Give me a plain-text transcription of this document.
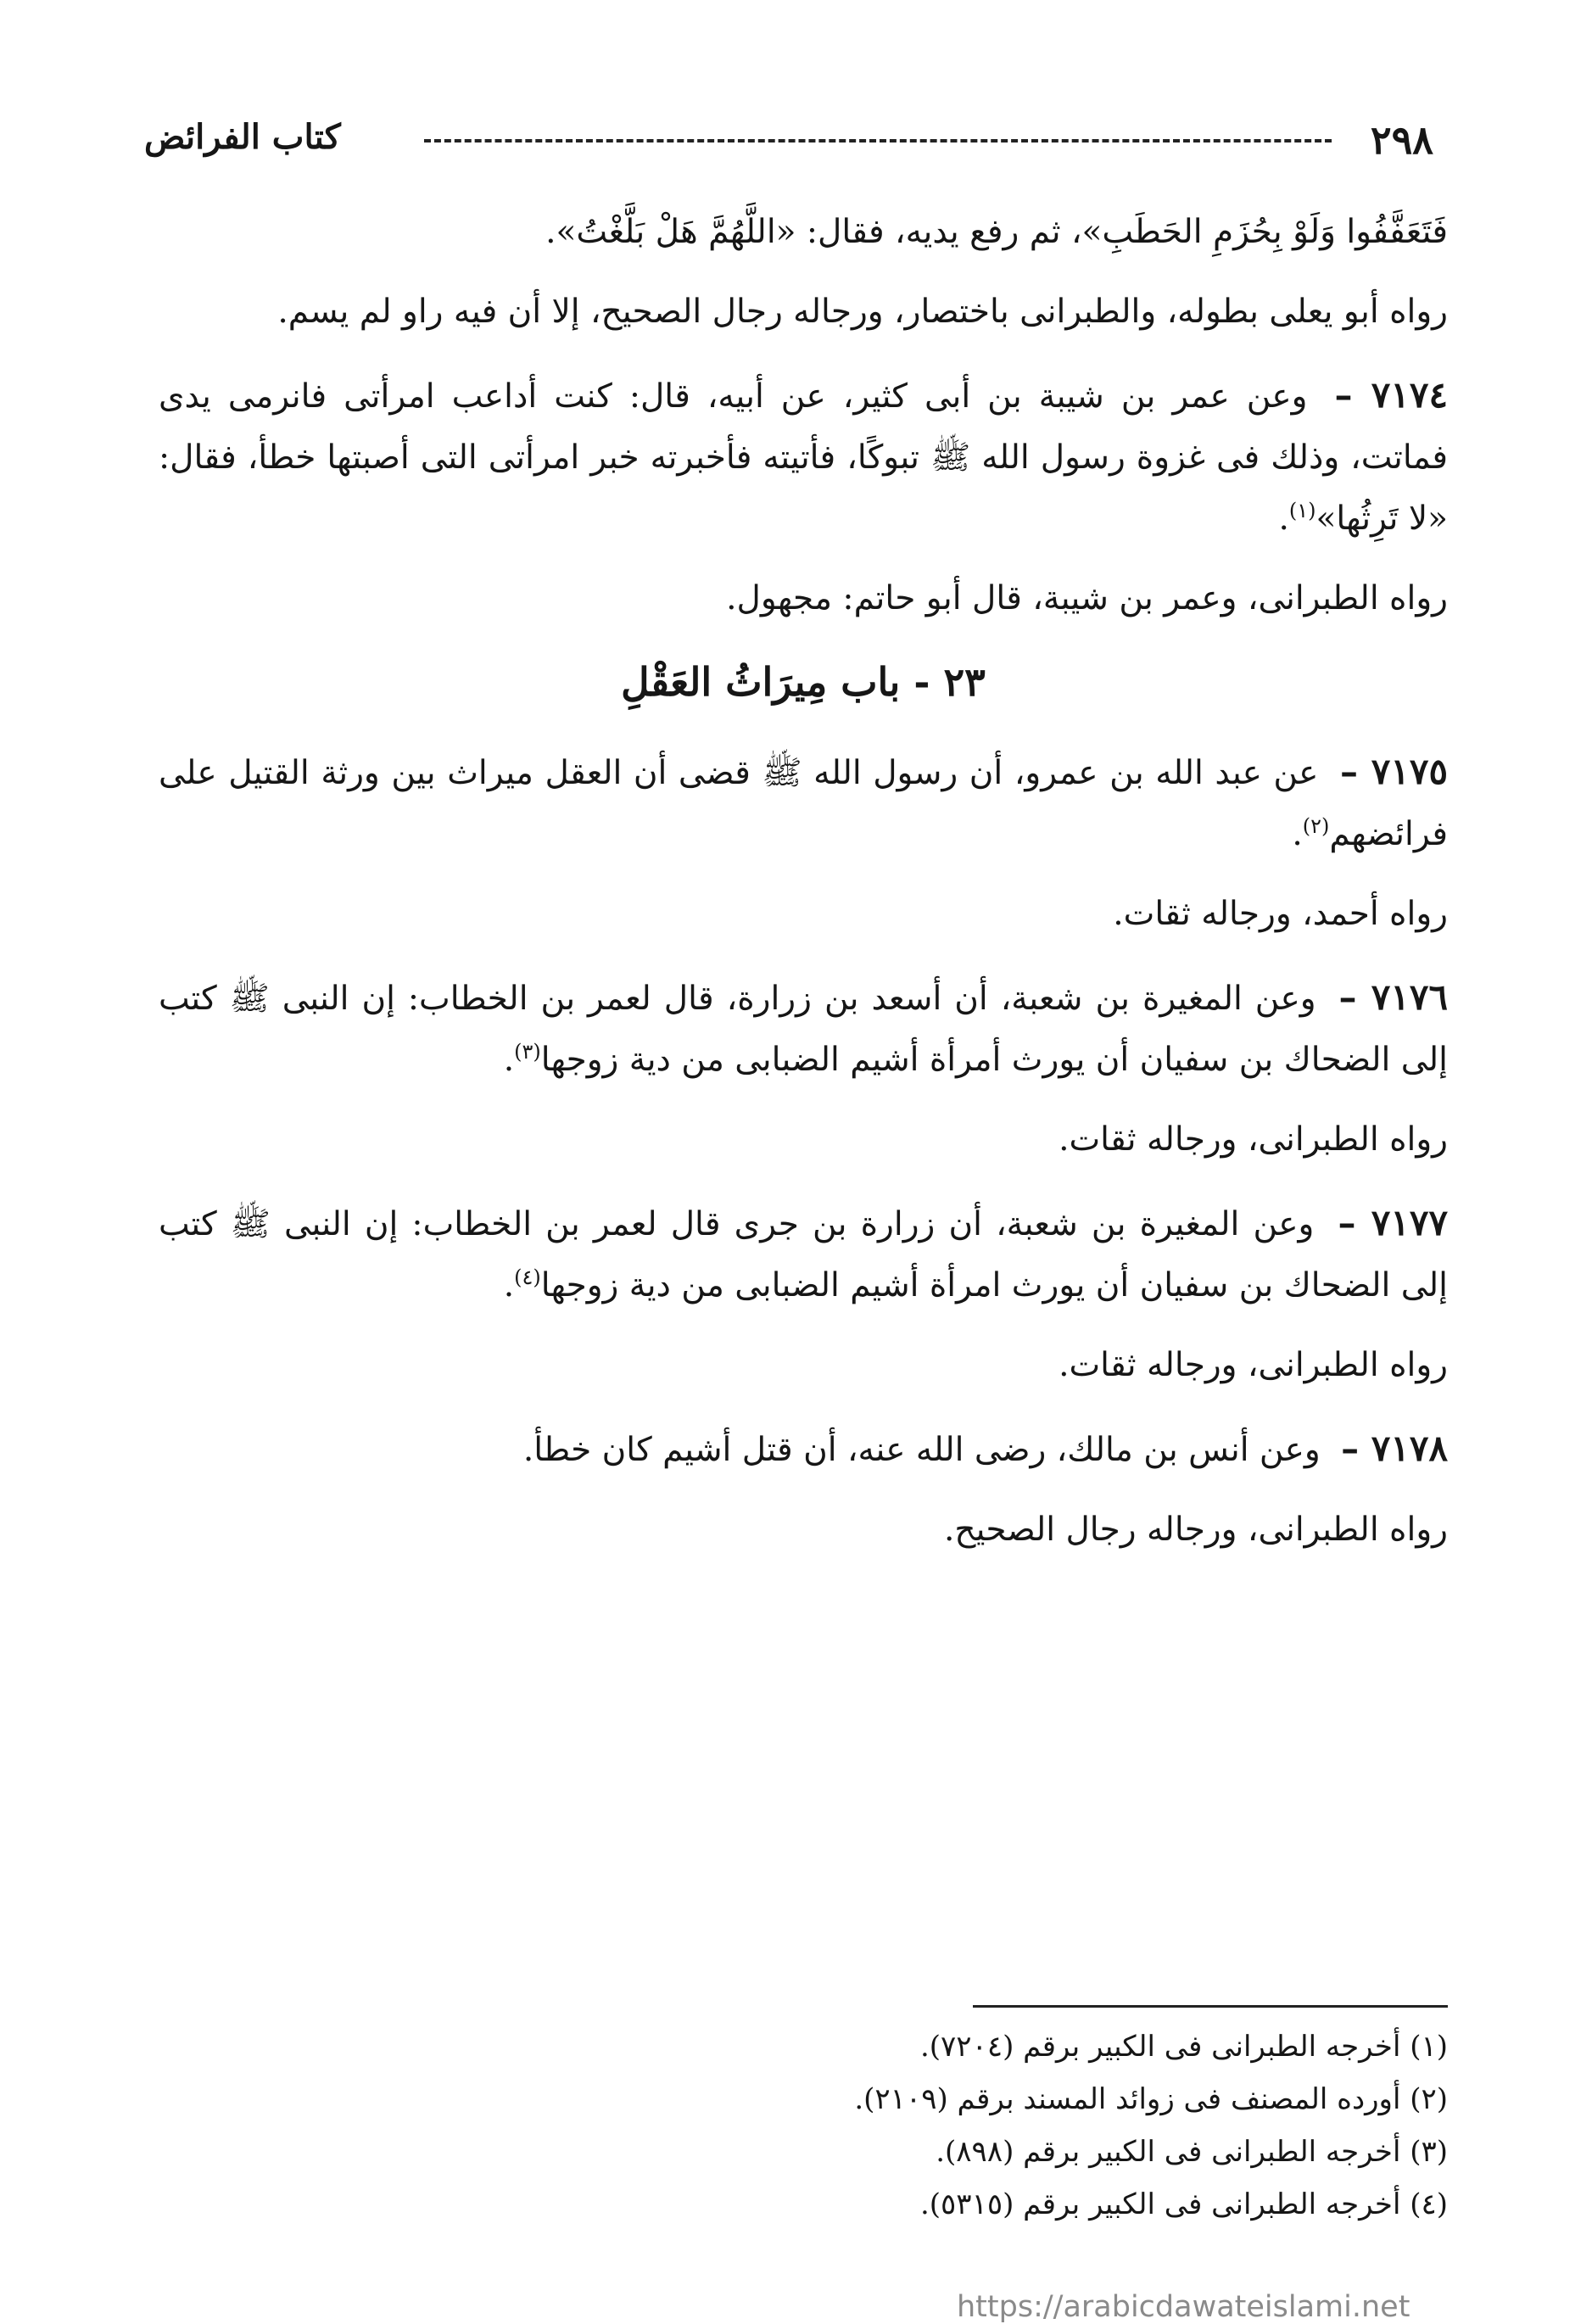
٢٩٨
كتاب الفرائض

فَتَعَفَّفُوا وَلَوْ بِحُزَمِ الحَطَبِ»، ثم رفع يديه، فقال: «اللَّهُمَّ هَلْ بَلَّغْتُ».

رواه أبو يعلى بطوله، والطبرانى باختصار، ورجاله رجال الصحيح، إلا أن فيه راو لم يسم.

٧١٧٤ – وعن عمر بن شيبة بن أبى كثير، عن أبيه، قال: كنت أداعب امرأتى فانرمى يدى فماتت، وذلك فى غزوة رسول الله ﷺ تبوكًا، فأتيته فأخبرته خبر امرأتى التى أصبتها خطأ، فقال: «لا تَرِثُها»$^{(١)}$.

رواه الطبرانى، وعمر بن شيبة، قال أبو حاتم: مجهول.

٢٣ - باب مِيرَاثُ العَقْلِ

٧١٧٥ – عن عبد الله بن عمرو، أن رسول الله ﷺ قضى أن العقل ميراث بين ورثة القتيل على فرائضهم$^{(٢)}$.

رواه أحمد، ورجاله ثقات.

٧١٧٦ – وعن المغيرة بن شعبة، أن أسعد بن زرارة، قال لعمر بن الخطاب: إن النبى ﷺ كتب إلى الضحاك بن سفيان أن يورث أمرأة أشيم الضبابى من دية زوجها$^{(٣)}$.

رواه الطبرانى، ورجاله ثقات.

٧١٧٧ – وعن المغيرة بن شعبة، أن زرارة بن جرى قال لعمر بن الخطاب: إن النبى ﷺ كتب إلى الضحاك بن سفيان أن يورث امرأة أشيم الضبابى من دية زوجها$^{(٤)}$.

رواه الطبرانى، ورجاله ثقات.

٧١٧٨ – وعن أنس بن مالك، رضى الله عنه، أن قتل أشيم كان خطأ.

رواه الطبرانى، ورجاله رجال الصحيح.

(١) أخرجه الطبرانى فى الكبير برقم (٧٢٠٤).

(٢) أورده المصنف فى زوائد المسند برقم (٢١٠٩).

(٣) أخرجه الطبرانى فى الكبير برقم (٨٩٨).

(٤) أخرجه الطبرانى فى الكبير برقم (٥٣١٥).

https://arabicdawateislami.net
